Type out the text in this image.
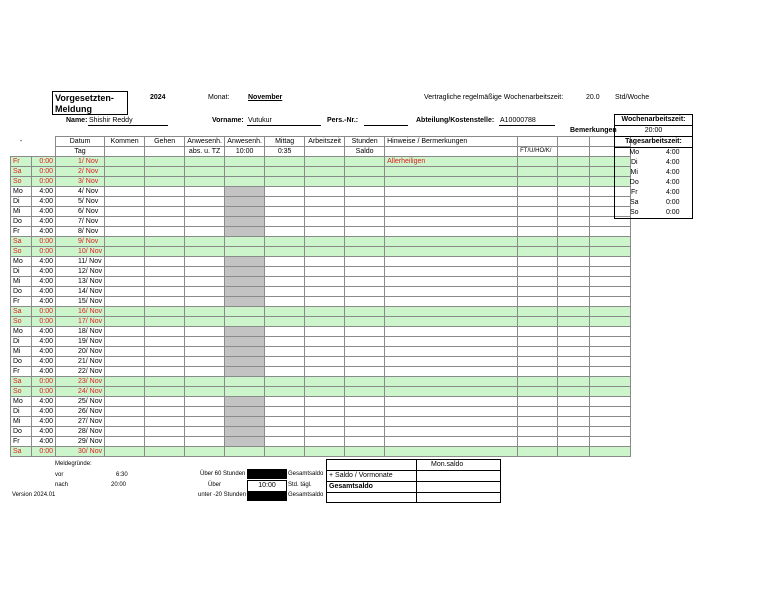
Vorgesetzten-Meldung
2024	Monat:	November	Vertragliche regelmäßige Wochenarbeitszeit:	20.0 Std/Woche
Name: Shishir Reddy	Vorname: Vutukur	Pers.-Nr.:	Abteilung/Kostenstelle: A10000788
Bemerkungen
-		Datum	Kommen	Gehen	Anwesenh.	Anwesenh.	Mittag	Arbeitszeit	Stunden	Hinweise / Bermerkungen			
		Tag			abs. u. TZ	10:00	0:35		Saldo		FT/U/HO/K/		
Fr	0:00	1/ Nov								Allerheiligen			
Sa	0:00	2/ Nov											
So	0:00	3/ Nov											
Mo	4:00	4/ Nov											
Di	4:00	5/ Nov											
Mi	4:00	6/ Nov											
Do	4:00	7/ Nov											
Fr	4:00	8/ Nov											
Sa	0:00	9/ Nov											
So	0:00	10/ Nov											
Mo	4:00	11/ Nov											
Di	4:00	12/ Nov											
Mi	4:00	13/ Nov											
Do	4:00	14/ Nov											
Fr	4:00	15/ Nov											
Sa	0:00	16/ Nov											
So	0:00	17/ Nov											
Mo	4:00	18/ Nov											
Di	4:00	19/ Nov											
Mi	4:00	20/ Nov											
Do	4:00	21/ Nov											
Fr	4:00	22/ Nov											
Sa	0:00	23/ Nov											
So	0:00	24/ Nov											
Mo	4:00	25/ Nov											
Di	4:00	26/ Nov											
Mi	4:00	27/ Nov											
Do	4:00	28/ Nov											
Fr	4:00	29/ Nov											
Sa	0:00	30/ Nov											
Wochenarbeitszeit:
20:00
Tagesarbeitszeit:
Mo	4:00
Di	4:00
Mi	4:00
Do	4:00
Fr	4:00
Sa	0:00
So	0:00
Meldegründe:
vor	6:30
nach	20:00
Version 2024.01
Über 60 Stunden	Gesamtsaldo
Über	10:00	Std. tägl.
unter -20 Stunden	Gesamtsaldo
	Mon.saldo
+ Saldo / Vormonate	
Gesamtsaldo	
